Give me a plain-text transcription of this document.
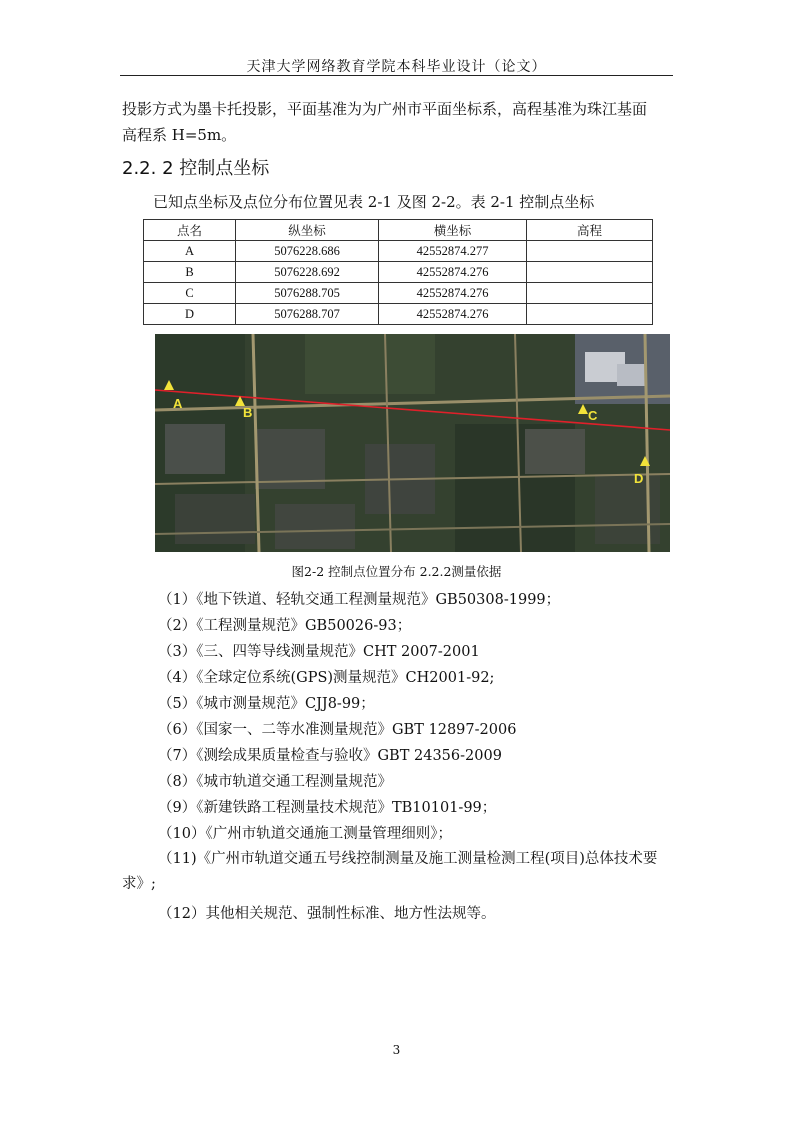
天津大学网络教育学院本科毕业设计（论文）
投影方式为墨卡托投影，平面基准为为广州市平面坐标系，高程基准为珠江基面
高程系 H=5m。
2.2. 2 控制点坐标
已知点坐标及点位分布位置见表 2-1 及图 2-2。表 2-1 控制点坐标
点名	纵坐标	横坐标	高程
A	5076228.686	42552874.277	
B	5076228.692	42552874.276	
C	5076288.705	42552874.276	
D	5076288.707	42552874.276	
A
B	C
D
图2-2 控制点位置分布 2.2.2测量依据
（1）《地下铁道、轻轨交通工程测量规范》GB50308-1999；
（2）《工程测量规范》GB50026-93；
（3）《三、四等导线测量规范》CHT 2007-2001
（4）《全球定位系统(GPS)测量规范》CH2001-92;
（5）《城市测量规范》CJJ8-99；
（6）《国家一、二等水准测量规范》GBT 12897-2006
（7）《测绘成果质量检查与验收》GBT 24356-2009
（8）《城市轨道交通工程测量规范》
（9）《新建铁路工程测量技术规范》TB10101-99；
（10）《广州市轨道交通施工测量管理细则》；
（11)《广州市轨道交通五号线控制测量及施工测量检测工程(项目)总体技术要求》;
（12）其他相关规范、强制性标准、地方性法规等。
3
